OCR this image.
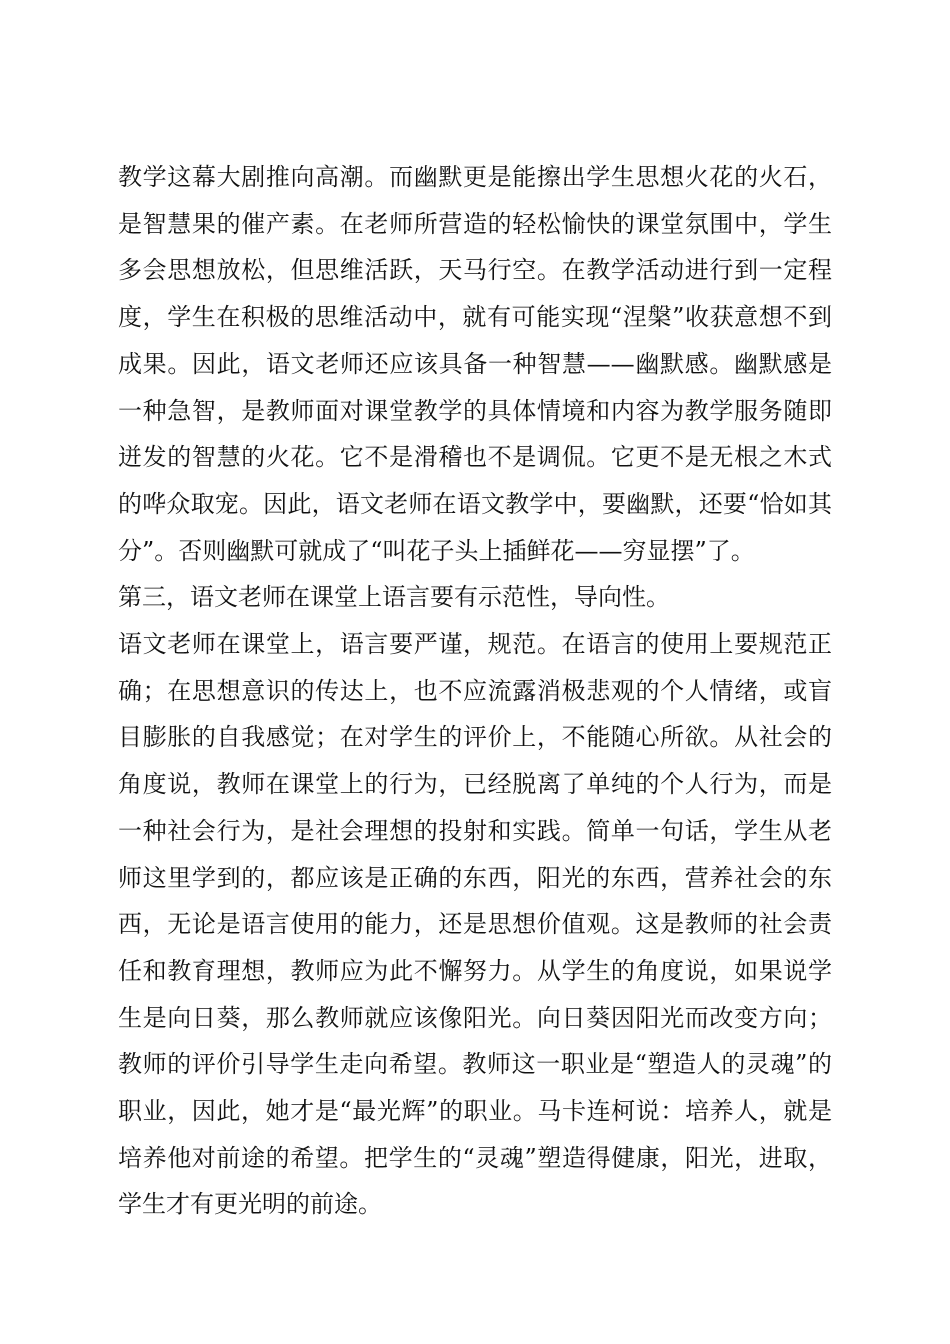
教学这幕大剧推向高潮。而幽默更是能擦出学生思想火花的火石，是智慧果的催产素。在老师所营造的轻松愉快的课堂氛围中，学生多会思想放松，但思维活跃，天马行空。在教学活动进行到一定程度，学生在积极的思维活动中，就有可能实现“涅槃”收获意想不到成果。因此，语文老师还应该具备一种智慧——幽默感。幽默感是一种急智，是教师面对课堂教学的具体情境和内容为教学服务随即迸发的智慧的火花。它不是滑稽也不是调侃。它更不是无根之木式的哗众取宠。因此，语文老师在语文教学中，要幽默，还要“恰如其分”。否则幽默可就成了“叫花子头上插鲜花——穷显摆”了。

第三，语文老师在课堂上语言要有示范性，导向性。

语文老师在课堂上，语言要严谨，规范。在语言的使用上要规范正确；在思想意识的传达上，也不应流露消极悲观的个人情绪，或盲目膨胀的自我感觉；在对学生的评价上，不能随心所欲。从社会的角度说，教师在课堂上的行为，已经脱离了单纯的个人行为，而是一种社会行为，是社会理想的投射和实践。简单一句话，学生从老师这里学到的，都应该是正确的东西，阳光的东西，营养社会的东西，无论是语言使用的能力，还是思想价值观。这是教师的社会责任和教育理想，教师应为此不懈努力。从学生的角度说，如果说学生是向日葵，那么教师就应该像阳光。向日葵因阳光而改变方向；教师的评价引导学生走向希望。教师这一职业是“塑造人的灵魂”的职业，因此，她才是“最光辉”的职业。马卡连柯说：培养人，就是培养他对前途的希望。把学生的“灵魂”塑造得健康，阳光，进取，学生才有更光明的前途。
